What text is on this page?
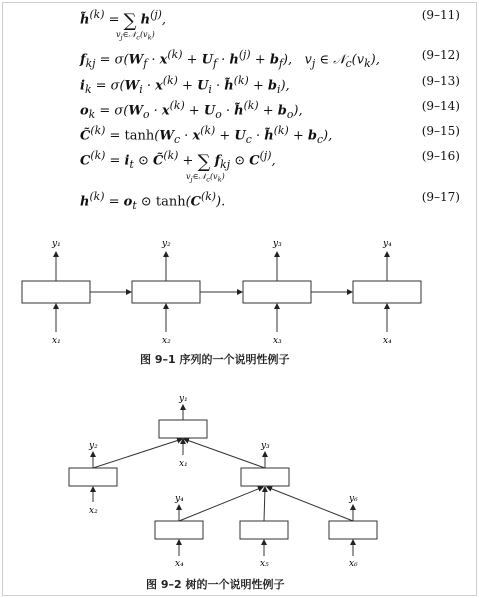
h̃$^{(k)}$ = ∑ $h^{(j)}$,	(9–11)
$v_j\in 𝒩_c(v_k)$
$f_{kj} = \sigma(W_f \cdot x^{(k)} + U_f \cdot h^{(j)} + b_f)$,   $v_j$ ∈ $𝒩_c(v_k)$,	(9–12)
$i_k = \sigma(W_i \cdot x^{(k)} + U_i$ · h̃$^{(k)}$ + $b_i$),	(9–13)
$o_k = \sigma(W_o \cdot x^{(k)} + U_o$ · h̃$^{(k)}$ + $b_o$),	(9–14)
C̃$^{(k)}$ = $\tanh(W_c \cdot x^{(k)} + U_c$ · h̃$^{(k)}$ + $b_c$),	(9–15)
$C^{(k)} = i_t$ ⊙ C̃$^{(k)}$ + ∑ $f_{kj}$ ⊙ $C^{(j)}$,	(9–16)
$v_j\in 𝒩_c(v_k)$
$h^{(k)} = o_t$ ⊙ $\tanh(C^{(k)})$.	(9–17)
y₁	y₂	y₃	y₄
x₁	x₂	x₃	x₄
y₁
x₁
y₂
x₂
y₃
y₄
x₄	x₅
y₆
x₆
图 9–1 序列的一个说明性例子
图 9–2 树的一个说明性例子
